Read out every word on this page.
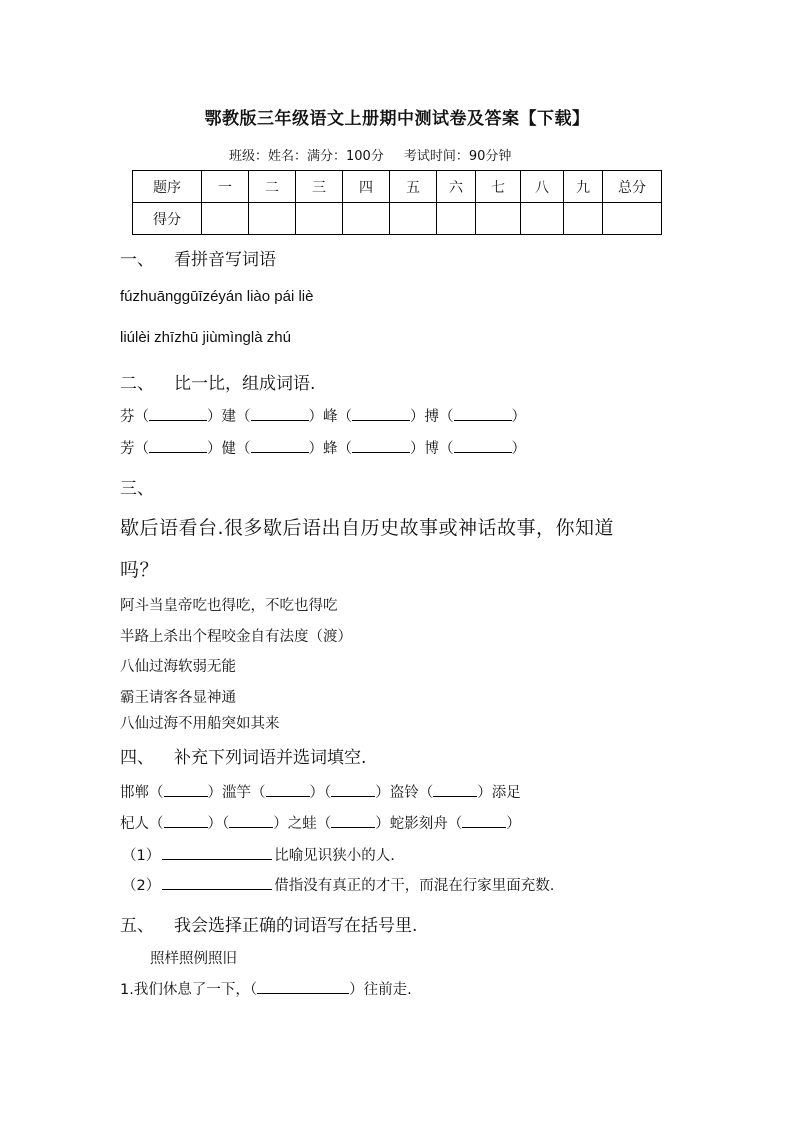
鄂教版三年级语文上册期中测试卷及答案【下载】
班级：姓名：满分：100分 考试时间：90分钟
题序	一	二	三	四	五	六	七	八	九	总分
得分										
一、 看拼音写词语
fúzhuānggūīzéyán liào pái liè
liúlèi zhīzhū jiùmìnglà zhú
二、 比一比，组成词语.
芬（	）建（	）峰（	）搏（	）
芳（	）健（	）蜂（	）博（	）
三、
歇后语看台.很多歇后语出自历史故事或神话故事，你知道
吗？
阿斗当皇帝吃也得吃，不吃也得吃
半路上杀出个程咬金自有法度（渡）
八仙过海软弱无能
霸王请客各显神通
八仙过海不用船突如其来
四、 补充下列词语并选词填空.
邯郸（	）滥竽（	）（	）盗铃（	）添足
杞人（	）（	）之蛙（	）蛇影刻舟（	）
（1）	比喻见识狭小的人.
（2）	借指没有真正的才干，而混在行家里面充数.
五、 我会选择正确的词语写在括号里.
照样照例照旧
1.我们休息了一下，（	）往前走.
